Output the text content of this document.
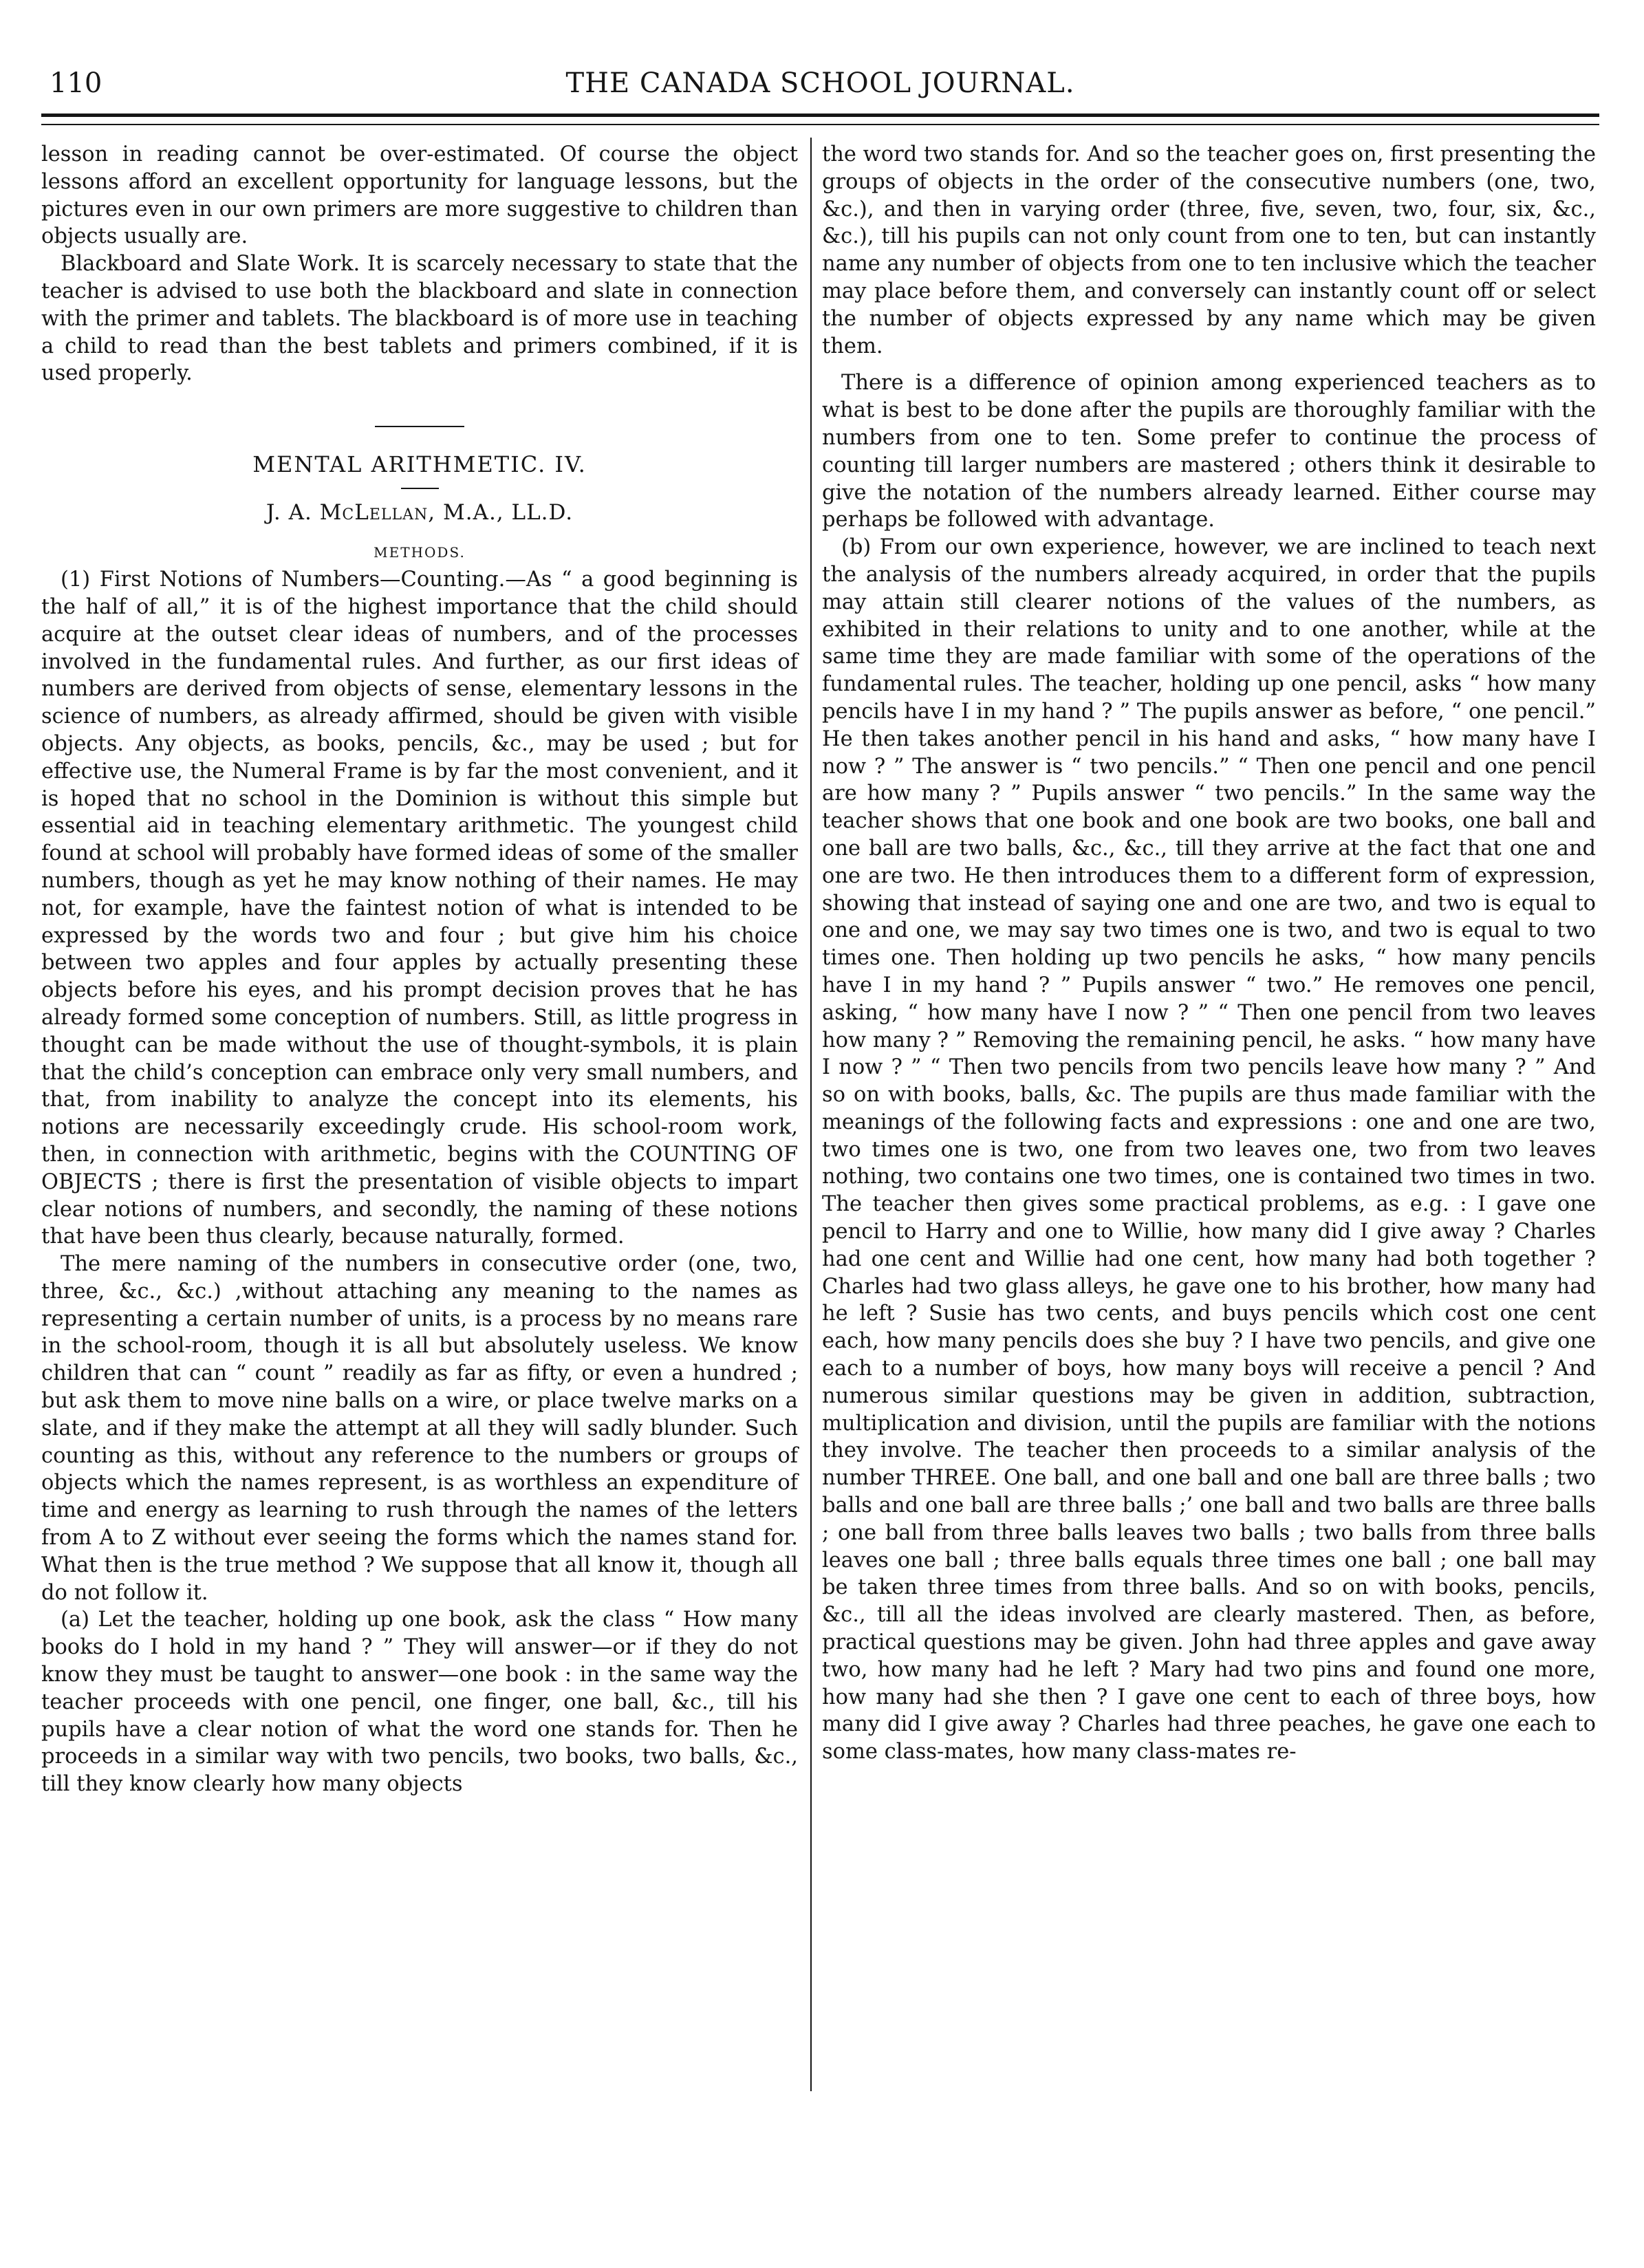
110	THE CANADA SCHOOL JOURNAL.

lesson in reading cannot be over-estimated. Of course the object lessons afford an excellent opportunity for language lessons, but the pictures even in our own primers are more suggestive to children than objects usually are.

Blackboard and Slate Work. It is scarcely necessary to state that the teacher is advised to use both the blackboard and slate in connection with the primer and tablets. The blackboard is of more use in teaching a child to read than the best tablets and primers combined, if it is used properly.

MENTAL ARITHMETIC. IV.
J. A. McLellan, M.A., LL.D.
METHODS.

(1) First Notions of Numbers—Counting.—As “ a good beginning is the half of all,” it is of the highest importance that the child should acquire at the outset clear ideas of numbers, and of the processes involved in the fundamental rules. And further, as our first ideas of numbers are derived from objects of sense, elementary lessons in the science of numbers, as already affirmed, should be given with visible objects. Any objects, as books, pencils, &c., may be used ; but for effective use, the Numeral Frame is by far the most convenient, and it is hoped that no school in the Dominion is without this simple but essential aid in teaching elementary arithmetic. The youngest child found at school will probably have formed ideas of some of the smaller numbers, though as yet he may know nothing of their names. He may not, for example, have the faintest notion of what is intended to be expressed by the words two and four ; but give him his choice between two apples and four apples by actually presenting these objects before his eyes, and his prompt decision proves that he has already formed some conception of numbers. Still, as little progress in thought can be made without the use of thought-symbols, it is plain that the child’s conception can embrace only very small numbers, and that, from inability to analyze the concept into its elements, his notions are necessarily exceedingly crude. His school-room work, then, in connection with arithmetic, begins with the COUNTING OF OBJECTS ; there is first the presentation of visible objects to impart clear notions of numbers, and secondly, the naming of these notions that have been thus clearly, because naturally, formed.

The mere naming of the numbers in consecutive order (one, two, three, &c., &c.) ,without attaching any meaning to the names as representing a certain number of units, is a process by no means rare in the school-room, though it is all but absolutely useless. We know children that can “ count ” readily as far as fifty, or even a hundred ; but ask them to move nine balls on a wire, or place twelve marks on a slate, and if they make the attempt at all they will sadly blunder. Such counting as this, without any reference to the numbers or groups of objects which the names represent, is as worthless an expenditure of time and energy as learning to rush through the names of the letters from A to Z without ever seeing the forms which the names stand for. What then is the true method ? We suppose that all know it, though all do not follow it.

(a) Let the teacher, holding up one book, ask the class “ How many books do I hold in my hand ? ” They will answer—or if they do not know they must be taught to answer—one book : in the same way the teacher proceeds with one pencil, one finger, one ball, &c., till his pupils have a clear notion of what the word one stands for. Then he proceeds in a similar way with two pencils, two books, two balls, &c., till they know clearly how many objects

the word two stands for. And so the teacher goes on, first presenting the groups of objects in the order of the consecutive numbers (one, two, &c.), and then in varying order (three, five, seven, two, four, six, &c., &c.), till his pupils can not only count from one to ten, but can instantly name any number of objects from one to ten inclusive which the teacher may place before them, and conversely can instantly count off or select the number of objects expressed by any name which may be given them.

There is a difference of opinion among experienced teachers as to what is best to be done after the pupils are thoroughly familiar with the numbers from one to ten. Some prefer to continue the process of counting till larger numbers are mastered ; others think it desirable to give the notation of the numbers already learned. Either course may perhaps be followed with advantage.

(b) From our own experience, however, we are inclined to teach next the analysis of the numbers already acquired, in order that the pupils may attain still clearer notions of the values of the numbers, as exhibited in their relations to unity and to one another, while at the same time they are made familiar with some of the operations of the fundamental rules. The teacher, holding up one pencil, asks “ how many pencils have I in my hand ? ” The pupils answer as before, “ one pencil.” He then takes another pencil in his hand and asks, “ how many have I now ? ” The answer is “ two pencils.” “ Then one pencil and one pencil are how many ? ” Pupils answer “ two pencils.” In the same way the teacher shows that one book and one book are two books, one ball and one ball are two balls, &c., &c., till they arrive at the fact that one and one are two. He then introduces them to a different form of expression, showing that instead of saying one and one are two, and two is equal to one and one, we may say two times one is two, and two is equal to two times one. Then holding up two pencils he asks, “ how many pencils have I in my hand ? ” Pupils answer “ two.” He removes one pencil, asking, “ how many have I now ? ” “ Then one pencil from two leaves how many ? ” Removing the remaining pencil, he asks. “ how many have I now ? ” “ Then two pencils from two pencils leave how many ? ” And so on with books, balls, &c. The pupils are thus made familiar with the meanings of the following facts and expressions : one and one are two, two times one is two, one from two leaves one, two from two leaves nothing, two contains one two times, one is contained two times in two. The teacher then gives some practical problems, as e.g. : I gave one pencil to Harry and one to Willie, how many did I give away ? Charles had one cent and Willie had one cent, how many had both together ? Charles had two glass alleys, he gave one to his brother, how many had he left ? Susie has two cents, and buys pencils which cost one cent each, how many pencils does she buy ? I have two pencils, and give one each to a number of boys, how many boys will receive a pencil ? And numerous similar questions may be given in addition, subtraction, multiplication and division, until the pupils are familiar with the notions they involve. The teacher then proceeds to a similar analysis of the number THREE. One ball, and one ball and one ball are three balls ; two balls and one ball are three balls ;’ one ball and two balls are three balls ; one ball from three balls leaves two balls ; two balls from three balls leaves one ball ; three balls equals three times one ball ; one ball may be taken three times from three balls. And so on with books, pencils, &c., till all the ideas involved are clearly mastered. Then, as before, practical questions may be given. John had three apples and gave away two, how many had he left ? Mary had two pins and found one more, how many had she then ? I gave one cent to each of three boys, how many did I give away ? Charles had three peaches, he gave one each to some class-mates, how many class-mates re-
